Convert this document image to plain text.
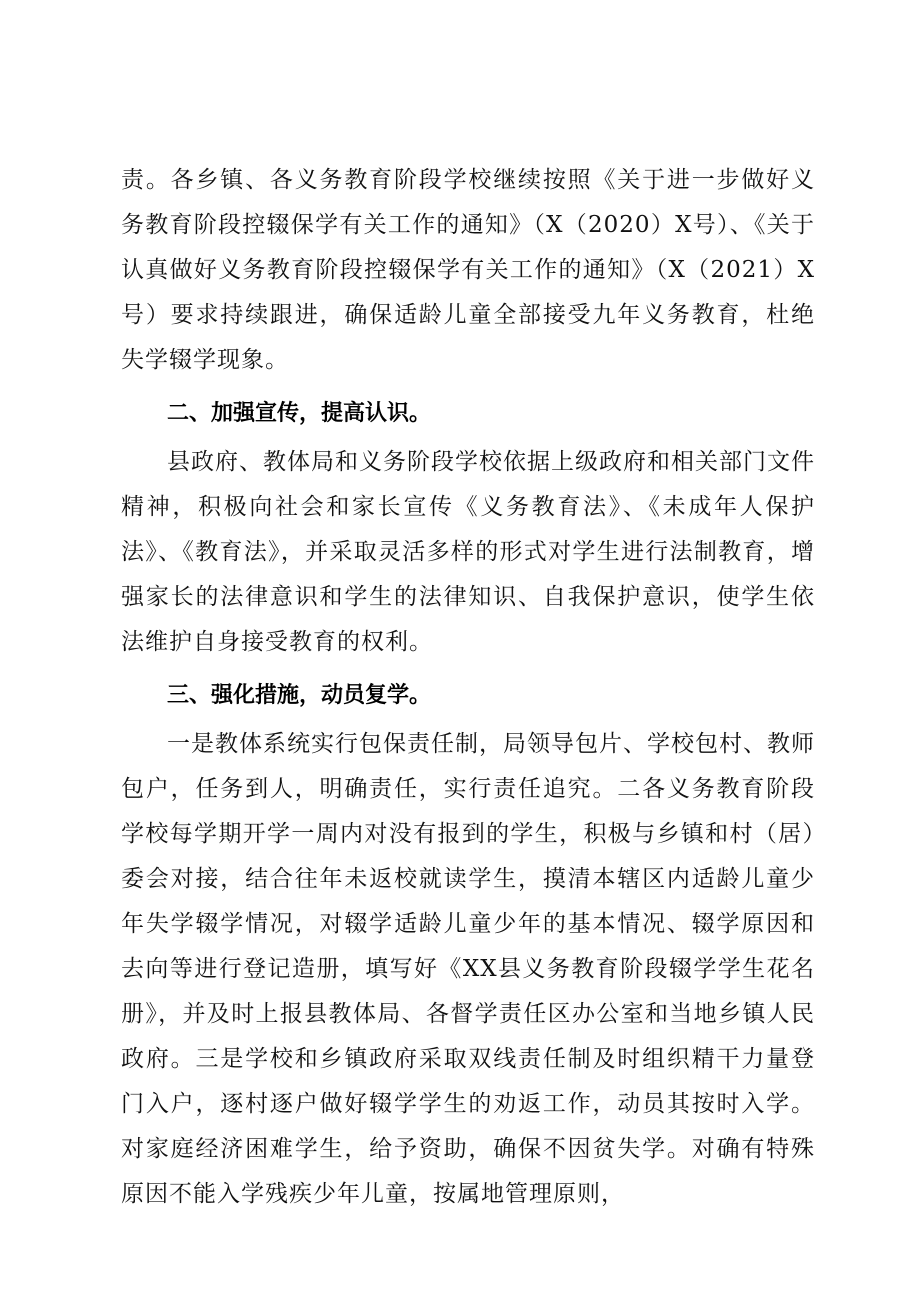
责。各乡镇、各义务教育阶段学校继续按照《关于进一步做好义务教育阶段控辍保学有关工作的通知》（X（2020）X号）、《关于认真做好义务教育阶段控辍保学有关工作的通知》（X（2021）X号）要求持续跟进，确保适龄儿童全部接受九年义务教育，杜绝失学辍学现象。

二、加强宣传，提高认识。

县政府、教体局和义务阶段学校依据上级政府和相关部门文件精神，积极向社会和家长宣传《义务教育法》、《未成年人保护法》、《教育法》，并采取灵活多样的形式对学生进行法制教育，增强家长的法律意识和学生的法律知识、自我保护意识，使学生依法维护自身接受教育的权利。

三、强化措施，动员复学。

一是教体系统实行包保责任制，局领导包片、学校包村、教师包户，任务到人，明确责任，实行责任追究。二各义务教育阶段学校每学期开学一周内对没有报到的学生，积极与乡镇和村（居）委会对接，结合往年未返校就读学生，摸清本辖区内适龄儿童少年失学辍学情况，对辍学适龄儿童少年的基本情况、辍学原因和去向等进行登记造册，填写好《XX县义务教育阶段辍学学生花名册》，并及时上报县教体局、各督学责任区办公室和当地乡镇人民政府。三是学校和乡镇政府采取双线责任制及时组织精干力量登门入户，逐村逐户做好辍学学生的劝返工作，动员其按时入学。对家庭经济困难学生，给予资助，确保不因贫失学。对确有特殊原因不能入学残疾少年儿童，按属地管理原则，
